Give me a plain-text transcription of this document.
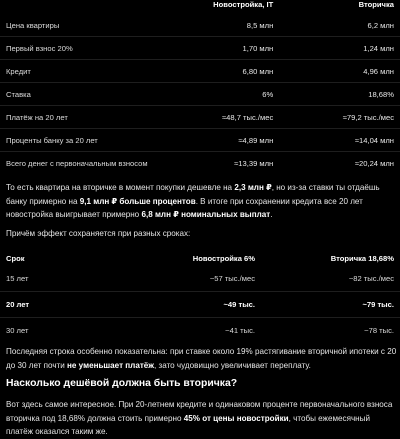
	Новостройка, IT	Вторичка
Цена квартиры	8,5 млн	6,2 млн
Первый взнос 20%	1,70 млн	1,24 млн
Кредит	6,80 млн	4,96 млн
Ставка	6%	18,68%
Платёж на 20 лет	≈48,7 тыс./мес	≈79,2 тыс./мес
Проценты банку за 20 лет	≈4,89 млн	≈14,04 млн
Всего денег с первоначальным взносом	≈13,39 млн	≈20,24 млн

То есть квартира на вторичке в момент покупки дешевле на 2,3 млн ₽, но из-за ставки ты отдаёшь банку примерно на 9,1 млн ₽ больше процентов. В итоге при сохранении кредита все 20 лет новостройка выигрывает примерно 6,8 млн ₽ номинальных выплат.

Причём эффект сохраняется при разных сроках:

Срок	Новостройка 6%	Вторичка 18,68%
15 лет	~57 тыс./мес	~82 тыс./мес
20 лет	~49 тыс.	~79 тыс.
30 лет	~41 тыс.	~78 тыс.

Последняя строка особенно показательна: при ставке около 19% растягивание вторичной ипотеки с 20 до 30 лет почти не уменьшает платёж, зато чудовищно увеличивает переплату.

Насколько дешёвой должна быть вторичка?

Вот здесь самое интересное. При 20-летнем кредите и одинаковом проценте первоначального взноса вторичка под 18,68% должна стоить примерно 45% от цены новостройки, чтобы ежемесячный платёж оказался таким же.
